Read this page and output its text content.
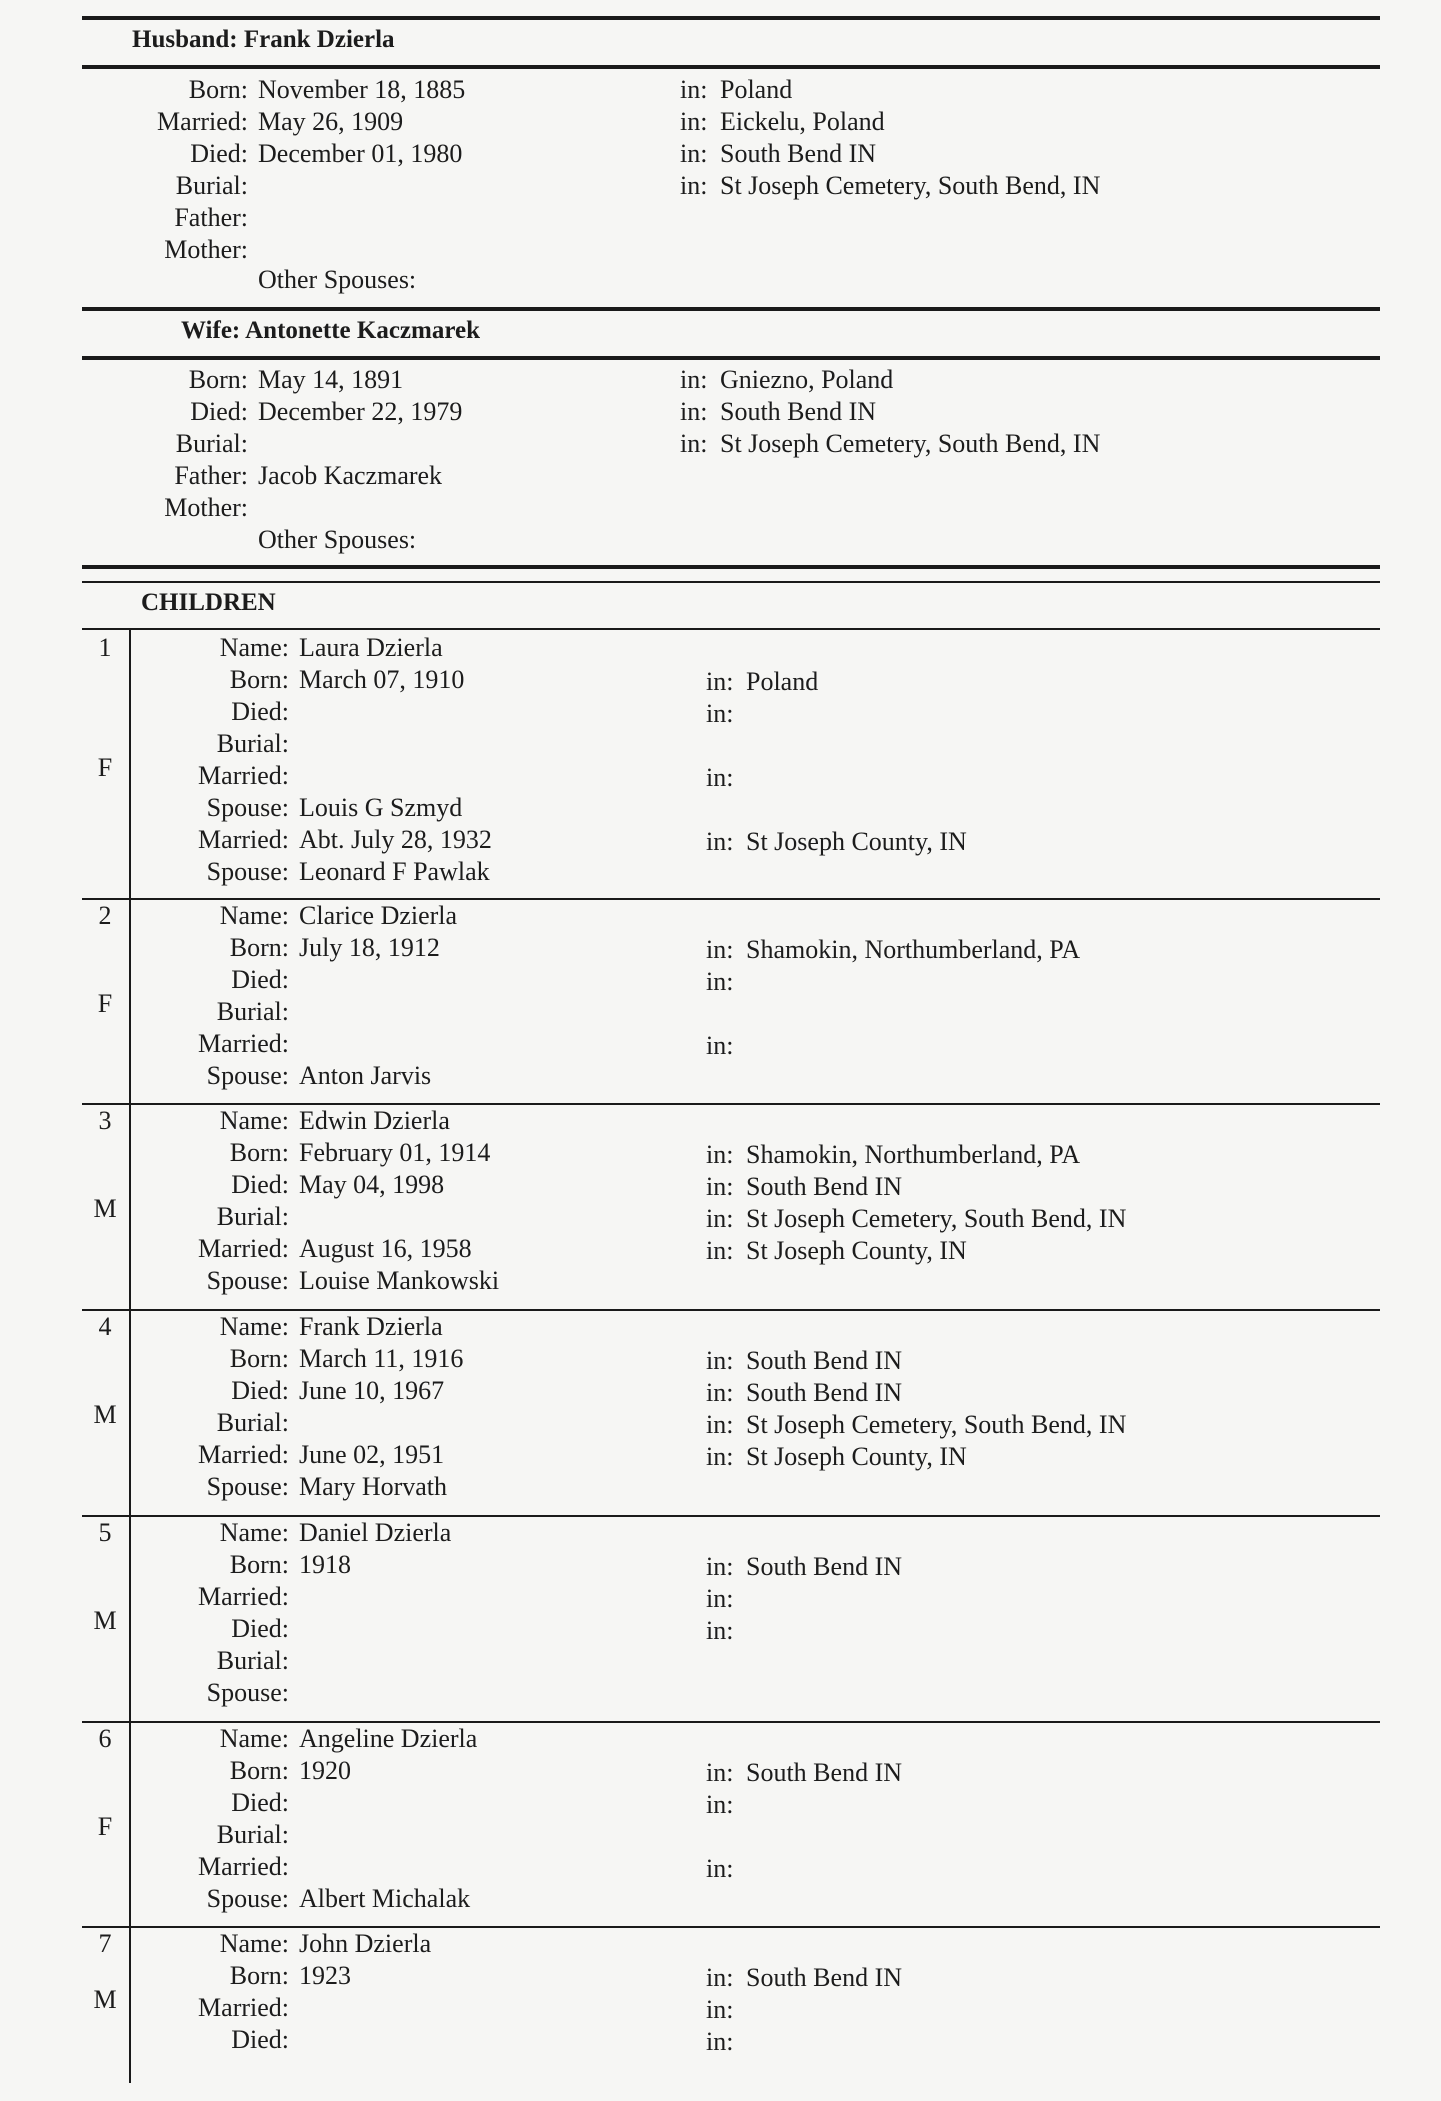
Husband: Frank Dzierla
Born: November 18, 1885	in: Poland
Married: May 26, 1909	in: Eickelu, Poland
Died: December 01, 1980	in: South Bend IN
Burial:	in: St Joseph Cemetery, South Bend, IN
Father:
Mother:
Other Spouses:
Wife: Antonette Kaczmarek
Born: May 14, 1891	in: Gniezno, Poland
Died: December 22, 1979	in: South Bend IN
Burial:	in: St Joseph Cemetery, South Bend, IN
Father: Jacob Kaczmarek
Mother:
Other Spouses:
CHILDREN
1
F
Name: Laura Dzierla
Born: March 07, 1910	in: Poland
Died:	in:
Burial:
Married:	in:
Spouse: Louis G Szmyd
Married: Abt. July 28, 1932	in: St Joseph County, IN
Spouse: Leonard F Pawlak
2
F
Name: Clarice Dzierla
Born: July 18, 1912	in: Shamokin, Northumberland, PA
Died:	in:
Burial:
Married:	in:
Spouse: Anton Jarvis
3
M
Name: Edwin Dzierla
Born: February 01, 1914	in: Shamokin, Northumberland, PA
Died: May 04, 1998	in: South Bend IN
Burial:	in: St Joseph Cemetery, South Bend, IN
Married: August 16, 1958	in: St Joseph County, IN
Spouse: Louise Mankowski
4
M
Name: Frank Dzierla
Born: March 11, 1916	in: South Bend IN
Died: June 10, 1967	in: South Bend IN
Burial:	in: St Joseph Cemetery, South Bend, IN
Married: June 02, 1951	in: St Joseph County, IN
Spouse: Mary Horvath
5
M
Name: Daniel Dzierla
Born: 1918	in: South Bend IN
Married:	in:
Died:	in:
Burial:
Spouse:
6
F
Name: Angeline Dzierla
Born: 1920	in: South Bend IN
Died:	in:
Burial:
Married:	in:
Spouse: Albert Michalak
7
M
Name: John Dzierla
Born: 1923	in: South Bend IN
Married:	in:
Died:	in:
